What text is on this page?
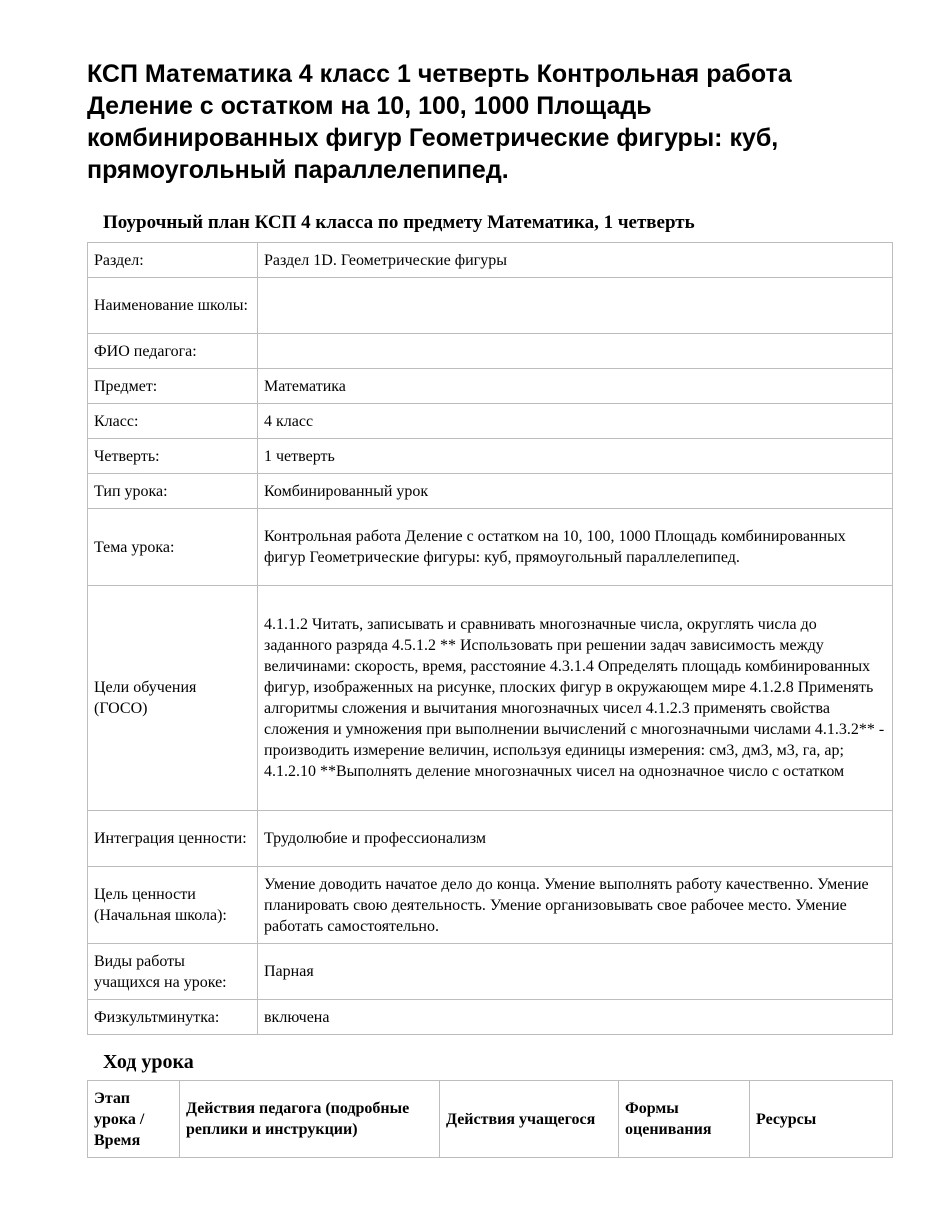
КСП Математика 4 класс 1 четверть Контрольная работа Деление с остатком на 10, 100, 1000 Площадь комбинированных фигур Геометрические фигуры: куб, прямоугольный параллелепипед.
Поурочный план КСП 4 класса по предмету Математика, 1 четверть
Раздел:	Раздел 1D. Геометрические фигуры
Наименование школы:	
ФИО педагога:	
Предмет:	Математика
Класс:	4 класс
Четверть:	1 четверть
Тип урока:	Комбинированный урок
Тема урока:	Контрольная работа Деление с остатком на 10, 100, 1000 Площадь комбинированных фигур Геометрические фигуры: куб, прямоугольный параллелепипед.
Цели обучения (ГОСО)	4.1.1.2 Читать, записывать и сравнивать многозначные числа, округлять числа до заданного разряда 4.5.1.2 ** Использовать при решении задач зависимость между величинами: скорость, время, расстояние 4.3.1.4 Определять площадь комбинированных фигур, изображенных на рисунке, плоских фигур в окружающем мире 4.1.2.8 Применять алгоритмы сложения и вычитания многозначных чисел 4.1.2.3 применять свойства сложения и умножения при выполнении вычислений с многозначными числами 4.1.3.2** - производить измерение величин, используя единицы измерения: см3, дм3, м3, га, ар; 4.1.2.10 **Выполнять деление многозначных чисел на однозначное число с остатком
Интеграция ценности:	Трудолюбие и профессионализм
Цель ценности (Начальная школа):	Умение доводить начатое дело до конца. Умение выполнять работу качественно. Умение планировать свою деятельность. Умение организовывать свое рабочее место. Умение работать самостоятельно.
Виды работы учащихся на уроке:	Парная
Физкультминутка:	включена
Ход урока
Этап урока / Время	Действия педагога (подробные реплики и инструкции)	Действия учащегося	Формы оценивания	Ресурсы
